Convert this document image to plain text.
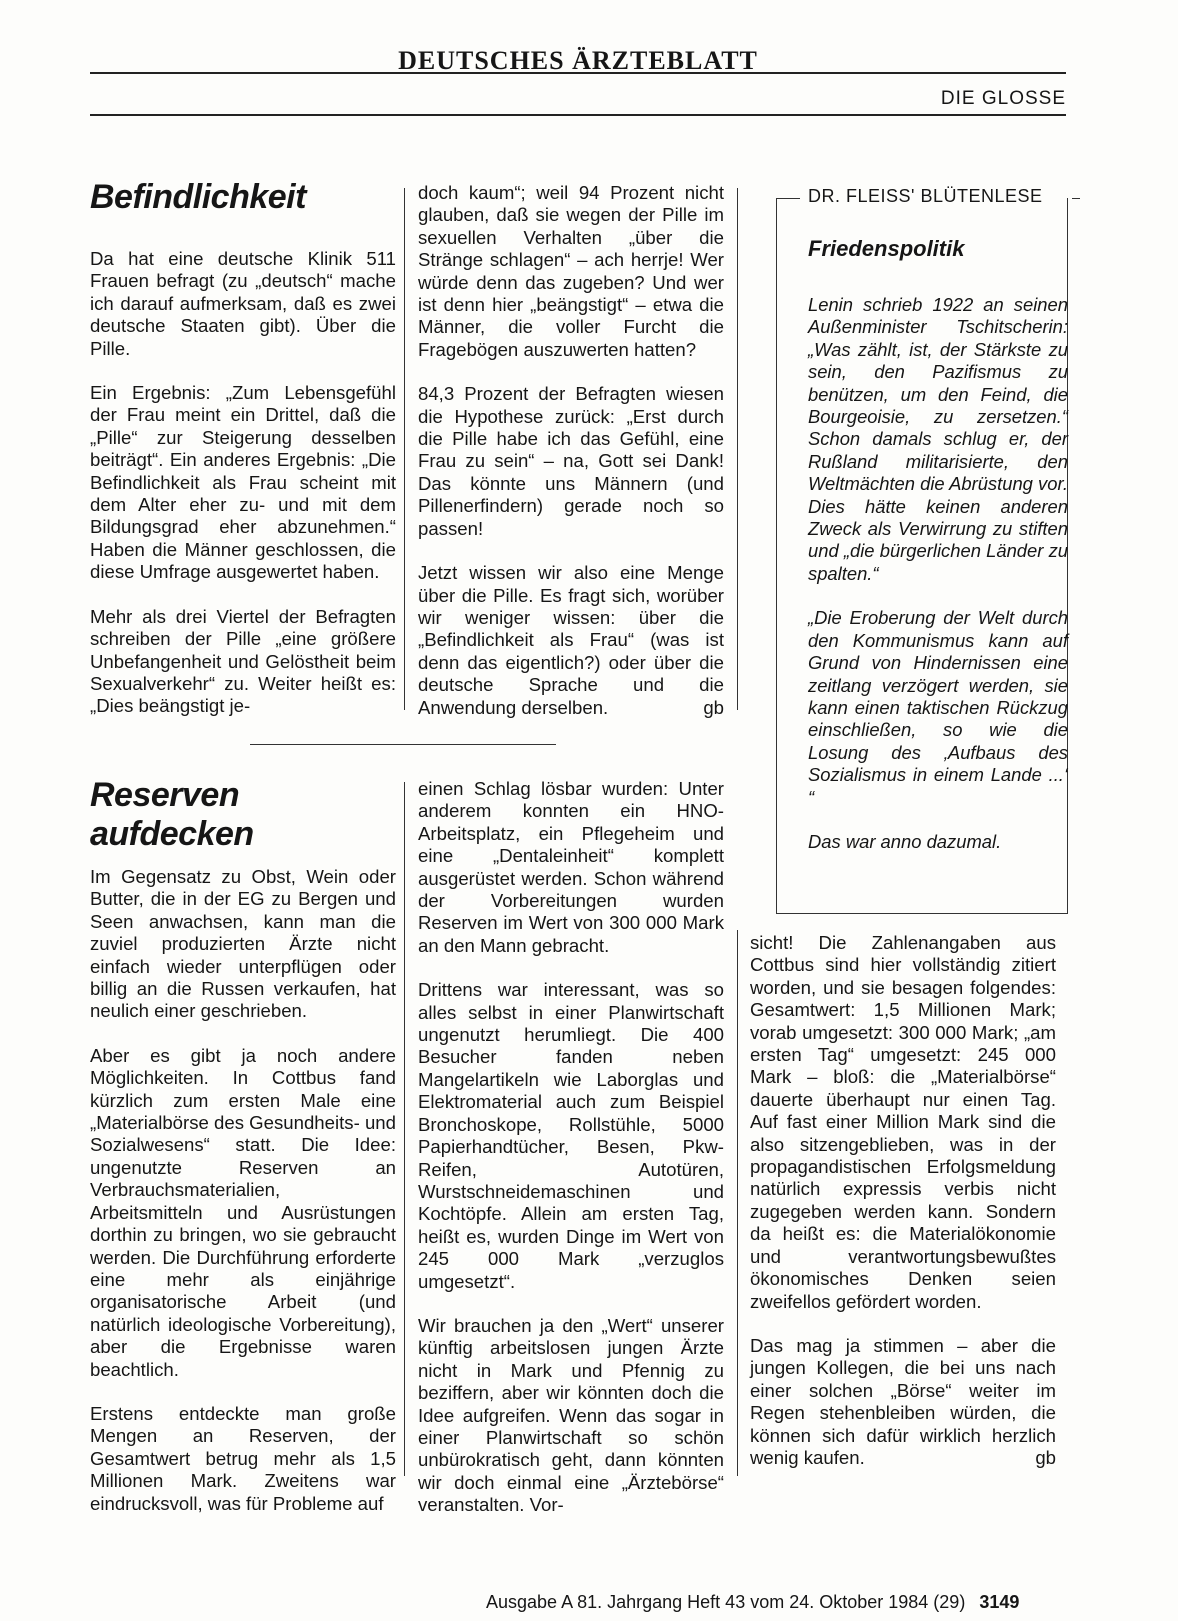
DEUTSCHES ÄRZTEBLATT
DIE GLOSSE
Befindlichkeit

Da hat eine deutsche Klinik 511 Frauen befragt (zu „deutsch“ mache ich darauf aufmerksam, daß es zwei deutsche Staaten gibt). Über die Pille.

Ein Ergebnis: „Zum Lebensgefühl der Frau meint ein Drittel, daß die „Pille“ zur Steigerung desselben beiträgt“. Ein anderes Ergebnis: „Die Befindlichkeit als Frau scheint mit dem Alter eher zu- und mit dem Bildungsgrad eher abzunehmen.“ Haben die Männer geschlossen, die diese Umfrage ausgewertet haben.

Mehr als drei Viertel der Befragten schreiben der Pille „eine größere Unbefangenheit und Gelöstheit beim Sexualverkehr“ zu. Weiter heißt es: „Dies beängstigt je-

doch kaum“; weil 94 Prozent nicht glauben, daß sie wegen der Pille im sexuellen Verhalten „über die Stränge schlagen“ – ach herrje! Wer würde denn das zugeben? Und wer ist denn hier „beängstigt“ – etwa die Männer, die voller Furcht die Fragebögen auszuwerten hatten?

84,3 Prozent der Befragten wiesen die Hypothese zurück: „Erst durch die Pille habe ich das Gefühl, eine Frau zu sein“ – na, Gott sei Dank! Das könnte uns Männern (und Pillenerfindern) gerade noch so passen!

Jetzt wissen wir also eine Menge über die Pille. Es fragt sich, worüber wir weniger wissen: über die „Befindlichkeit als Frau“ (was ist denn das eigentlich?) oder über die deutsche Sprache und die Anwendung derselben.	gb

DR. FLEISS' BLÜTENLESE
Friedenspolitik

Lenin schrieb 1922 an seinen Außenminister Tschitscherin: „Was zählt, ist, der Stärkste zu sein, den Pazifismus zu benützen, um den Feind, die Bourgeoisie, zu zersetzen.“ Schon damals schlug er, der Rußland militarisierte, den Weltmächten die Abrüstung vor. Dies hätte keinen anderen Zweck als Verwirrung zu stiften und „die bürgerlichen Länder zu spalten.“

„Die Eroberung der Welt durch den Kommunismus kann auf Grund von Hindernissen eine zeitlang verzögert werden, sie kann einen taktischen Rückzug einschließen, so wie die Losung des ‚Aufbaus des Sozialismus in einem Lande ...‘ “

Das war anno dazumal.

Reserven
aufdecken

Im Gegensatz zu Obst, Wein oder Butter, die in der EG zu Bergen und Seen anwachsen, kann man die zuviel produzierten Ärzte nicht einfach wieder unterpflügen oder billig an die Russen verkaufen, hat neulich einer geschrieben.

Aber es gibt ja noch andere Möglichkeiten. In Cottbus fand kürzlich zum ersten Male eine „Materialbörse des Gesundheits- und Sozialwesens“ statt. Die Idee: ungenutzte Reserven an Verbrauchsmaterialien, Arbeitsmitteln und Ausrüstungen dorthin zu bringen, wo sie gebraucht werden. Die Durchführung erforderte eine mehr als einjährige organisatorische Arbeit (und natürlich ideologische Vorbereitung), aber die Ergebnisse waren beachtlich.

Erstens entdeckte man große Mengen an Reserven, der Gesamtwert betrug mehr als 1,5 Millionen Mark. Zweitens war eindrucksvoll, was für Probleme auf

einen Schlag lösbar wurden: Unter anderem konnten ein HNO-Arbeitsplatz, ein Pflegeheim und eine „Dentaleinheit“ komplett ausgerüstet werden. Schon während der Vorbereitungen wurden Reserven im Wert von 300 000 Mark an den Mann gebracht.

Drittens war interessant, was so alles selbst in einer Planwirtschaft ungenutzt herumliegt. Die 400 Besucher fanden neben Mangelartikeln wie Laborglas und Elektromaterial auch zum Beispiel Bronchoskope, Rollstühle, 5000 Papierhandtücher, Besen, Pkw-Reifen, Autotüren, Wurstschneidemaschinen und Kochtöpfe. Allein am ersten Tag, heißt es, wurden Dinge im Wert von 245 000 Mark „verzuglos umgesetzt“.

Wir brauchen ja den „Wert“ unserer künftig arbeitslosen jungen Ärzte nicht in Mark und Pfennig zu beziffern, aber wir könnten doch die Idee aufgreifen. Wenn das sogar in einer Planwirtschaft so schön unbürokratisch geht, dann könnten wir doch einmal eine „Ärztebörse“ veranstalten. Vor-

sicht! Die Zahlenangaben aus Cottbus sind hier vollständig zitiert worden, und sie besagen folgendes: Gesamtwert: 1,5 Millionen Mark; vorab umgesetzt: 300 000 Mark; „am ersten Tag“ umgesetzt: 245 000 Mark – bloß: die „Materialbörse“ dauerte überhaupt nur einen Tag. Auf fast einer Million Mark sind die also sitzengeblieben, was in der propagandistischen Erfolgsmeldung natürlich expressis verbis nicht zugegeben werden kann. Sondern da heißt es: die Materialökonomie und verantwortungsbewußtes ökonomisches Denken seien zweifellos gefördert worden.

Das mag ja stimmen – aber die jungen Kollegen, die bei uns nach einer solchen „Börse“ weiter im Regen stehenbleiben würden, die können sich dafür wirklich herzlich wenig kaufen.	gb

Ausgabe A 81. Jahrgang Heft 43 vom 24. Oktober 1984 (29) 3149
